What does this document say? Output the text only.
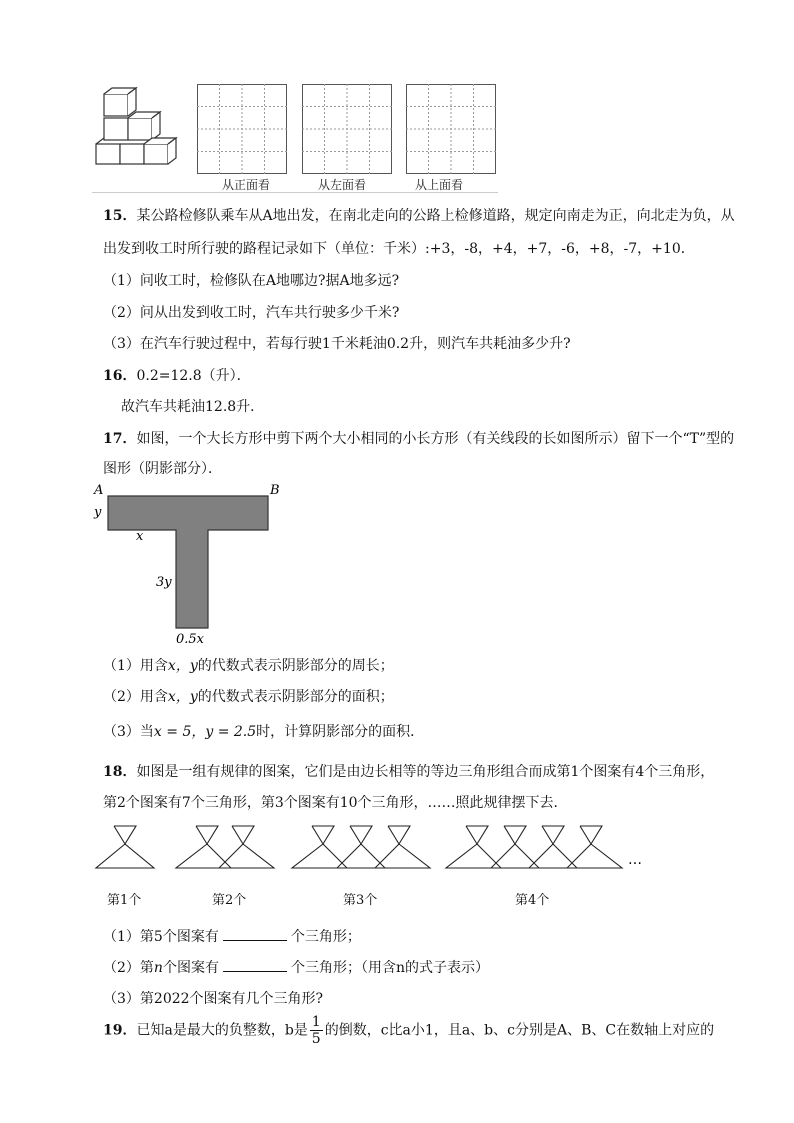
从正面看	从左面看	从上面看
15．某公路检修队乘车从A地出发，在南北走向的公路上检修道路，规定向南走为正，向北走为负，从
出发到收工时所行驶的路程记录如下（单位：千米）:+3，-8，+4，+7，-6，+8，-7，+10．
（1）问收工时，检修队在A地哪边?据A地多远?
（2）问从出发到收工时，汽车共行驶多少千米?
（3）在汽车行驶过程中，若每行驶1千米耗油0.2升，则汽车共耗油多少升?
16．0.2=12.8（升）．
故汽车共耗油12.8升．
17．如图，一个大长方形中剪下两个大小相同的小长方形（有关线段的长如图所示）留下一个“T”型的
图形（阴影部分）．
A	B
y
x
3y
0.5x
（1）用含x，y的代数式表示阴影部分的周长；
（2）用含x，y的代数式表示阴影部分的面积；
（3）当x = 5，y = 2.5时，计算阴影部分的面积．
18．如图是一组有规律的图案，它们是由边长相等的等边三角形组合而成第1个图案有4个三角形，
第2个图案有7个三角形，第3个图案有10个三角形，……照此规律摆下去．
…
第1个	第2个	第3个	第4个
（1）第5个图案有	个三角形；
（2）第n个图案有	个三角形；（用含n的式子表示）
（3）第2022个图案有几个三角形?
19．已知a是最大的负整数，b是 $\frac{1}{5}$ 的倒数，c比a小1，且a、b、c分别是A、B、C在数轴上对应的
